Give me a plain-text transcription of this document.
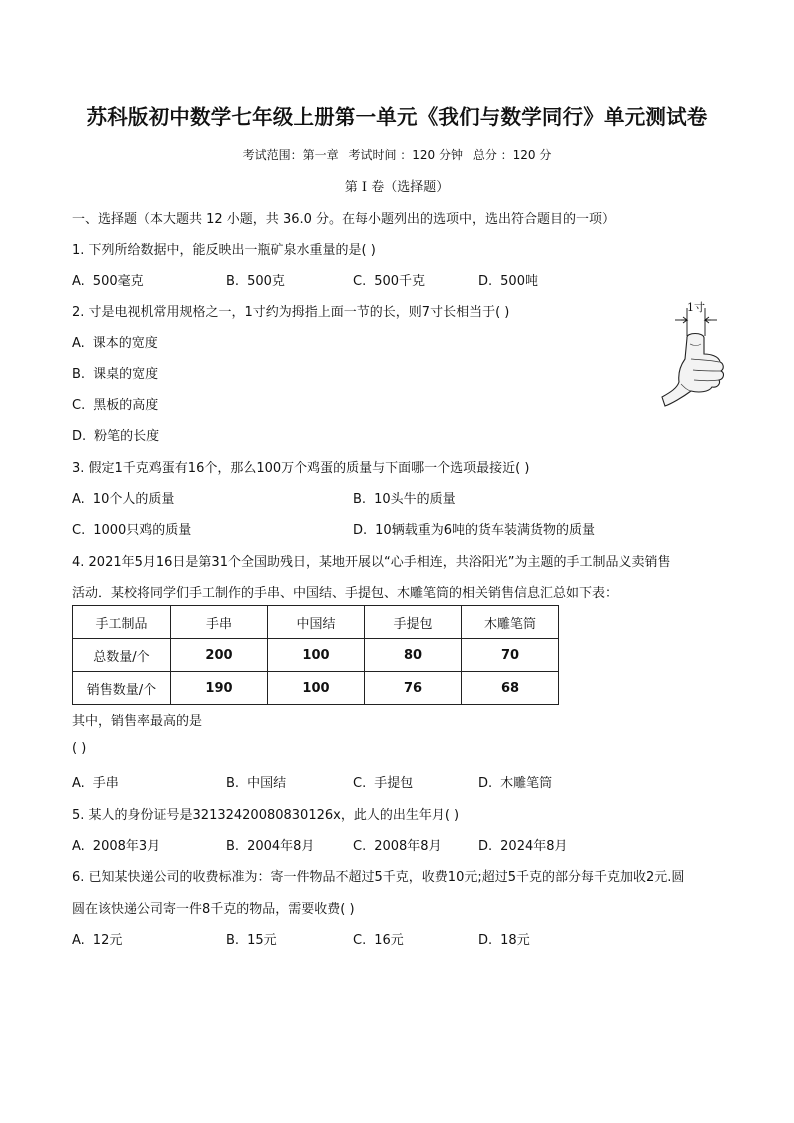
苏科版初中数学七年级上册第一单元《我们与数学同行》单元测试卷
考试范围：第一章 考试时间 ：120 分钟 总分 ：120 分
第 I 卷（选择题）
一、选择题（本大题共 12 小题，共 36.0 分。在每小题列出的选项中，选出符合题目的一项）
1. 下列所给数据中，能反映出一瓶矿泉水重量的是( )
A. 500毫克	B. 500克	C. 500千克	D. 500吨
2. 寸是电视机常用规格之一，1寸约为拇指上面一节的长，则7寸长相当于( )
A. 课本的宽度
B. 课桌的宽度
C. 黑板的高度
D. 粉笔的长度
1寸
3. 假定1千克鸡蛋有16个，那么100万个鸡蛋的质量与下面哪一个选项最接近( )
A. 10个人的质量	B. 10头牛的质量
C. 1000只鸡的质量	D. 10辆载重为6吨的货车装满货物的质量
4. 2021年5月16日是第31个全国助残日，某地开展以“心手相连，共浴阳光”为主题的手工制品义卖销售
活动．某校将同学们手工制作的手串、中国结、手提包、木雕笔筒的相关销售信息汇总如下表：
手工制品	手串	中国结	手提包	木雕笔筒
总数量/个	200	100	80	70
销售数量/个	190	100	76	68
其中，销售率最高的是
( )
A. 手串	B. 中国结	C. 手提包	D. 木雕笔筒
5. 某人的身份证号是32132420080830126x，此人的出生年月( )
A. 2008年3月	B. 2004年8月	C. 2008年8月	D. 2024年8月
6. 已知某快递公司的收费标准为：寄一件物品不超过5千克，收费10元;超过5千克的部分每千克加收2元.圆
圆在该快递公司寄一件8千克的物品，需要收费( )
A. 12元	B. 15元	C. 16元	D. 18元
